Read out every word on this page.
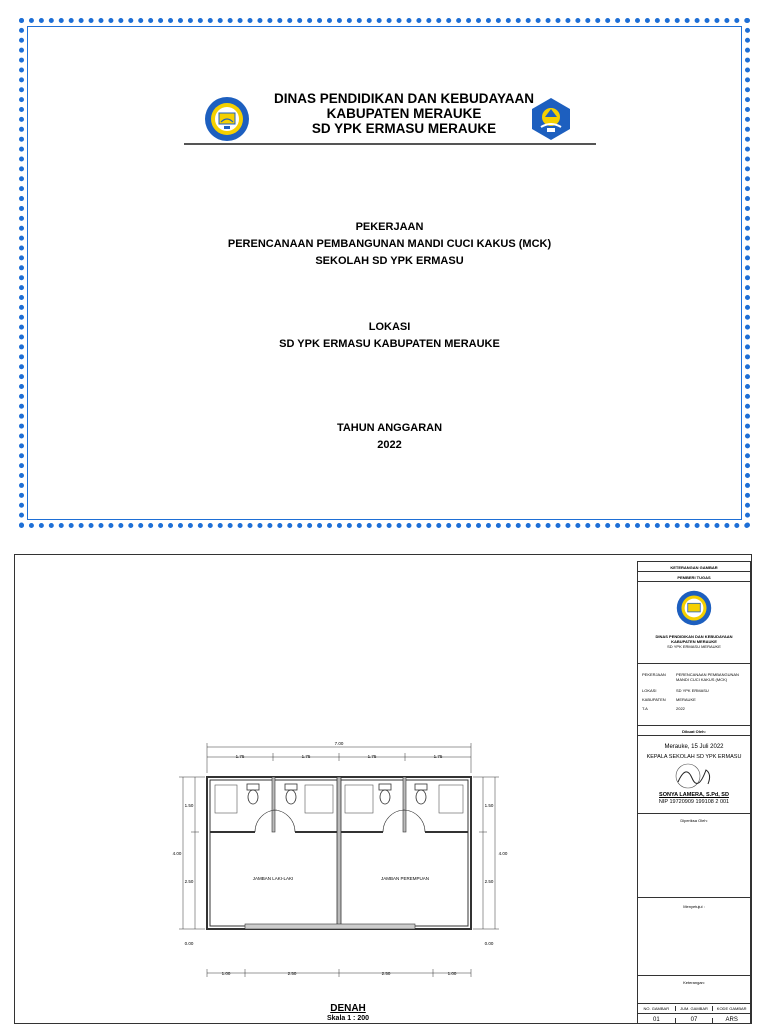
DINAS PENDIDIKAN DAN KEBUDAYAAN
KABUPATEN MERAUKE
SD YPK ERMASU MERAUKE
PEKERJAAN
PERENCANAAN PEMBANGUNAN MANDI CUCI KAKUS (MCK)
SEKOLAH SD YPK ERMASU
LOKASI
SD YPK ERMASU KABUPATEN MERAUKE
TAHUN ANGGARAN
2022
JAMBAN LAKI-LAKI	JAMBAN PEREMPUAN
7.00
1.75	1.75	1.75	1.75
1.50
2.50
0.00
4.00
1.50
2.50
0.00
4.00
1.00	2.50	2.50	1.00
DENAH
Skala 1 : 200
KETERANGAN GAMBAR
PEMBERI TUGAS
DINAS PENDIDIKAN DAN KEBUDAYAAN
KABUPATEN MERAUKE
SD YPK ERMASU MERAUKE
PEKERJAAN	PERENCANAAN PEMBANGUNAN MANDI CUCI KAKUS (MCK)
LOKASI	SD YPK ERMASU
KABUPATEN	MERAUKE
T.A	2022
Dibuat Oleh:
Merauke, 15 Juli 2022
KEPALA SEKOLAH SD YPK ERMASU
SONYA LAMERA, S.Pd, SD
NIP 19720909 199108 2 001
Diperiksa Oleh:
Menyetujui :
Keterangan:
NO. GAMBAR	JUM. GAMBAR	KODE GAMBAR
01	07	ARS
